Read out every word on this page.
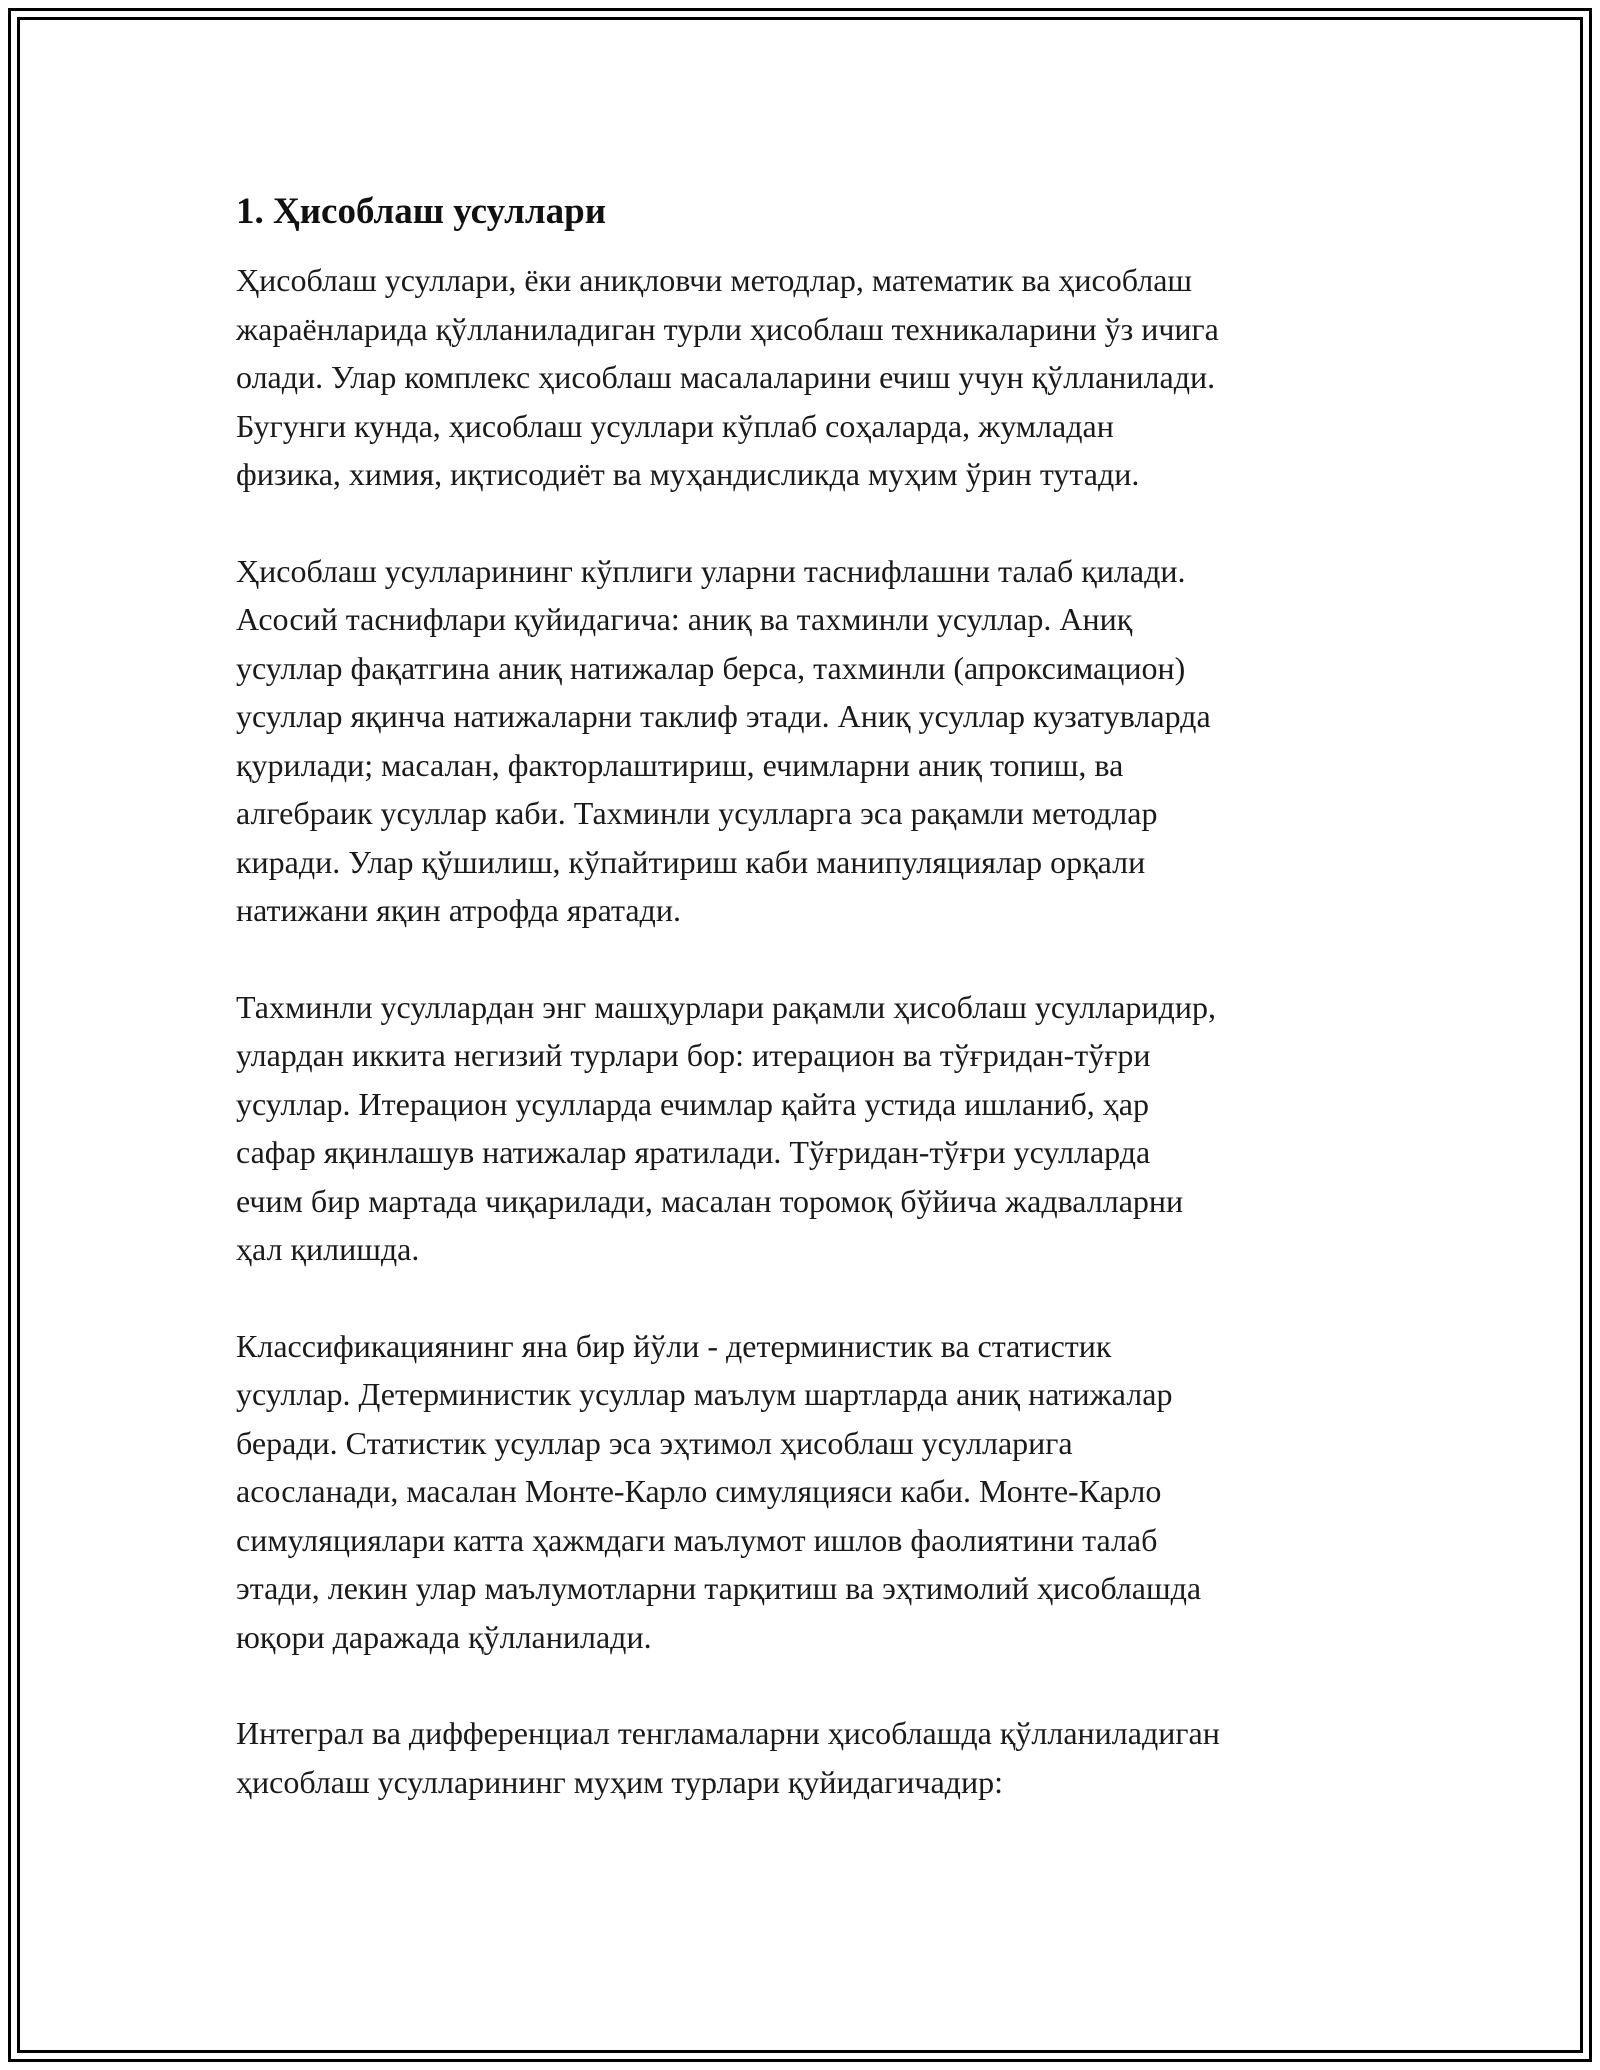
1. Ҳисоблаш усуллари

Ҳисоблаш усуллари, ёки аниқловчи методлар, математик ва ҳисоблаш
жараёнларида қўлланиладиган турли ҳисоблаш техникаларини ўз ичига
олади. Улар комплекс ҳисоблаш масалаларини ечиш учун қўлланилади.
Бугунги кунда, ҳисоблаш усуллари кўплаб соҳаларда, жумладан
физика, химия, иқтисодиёт ва муҳандисликда муҳим ўрин тутади.

Ҳисоблаш усулларининг кўплиги уларни таснифлашни талаб қилади.
Асосий таснифлари қуйидагича: аниқ ва тахминли усуллар. Аниқ
усуллар фақатгина аниқ натижалар берса, тахминли (апроксимацион)
усуллар яқинча натижаларни таклиф этади. Аниқ усуллар кузатувларда
қурилади; масалан, факторлаштириш, ечимларни аниқ топиш, ва
алгебраик усуллар каби. Тахминли усулларга эса рақамли методлар
киради. Улар қўшилиш, кўпайтириш каби манипуляциялар орқали
натижани яқин атрофда яратади.

Тахминли усуллардан энг машҳурлари рақамли ҳисоблаш усулларидир,
улардан иккита негизий турлари бор: итерацион ва тўғридан-тўғри
усуллар. Итерацион усулларда ечимлар қайта устида ишланиб, ҳар
сафар яқинлашув натижалар яратилади. Тўғридан-тўғри усулларда
ечим бир мартада чиқарилади, масалан торомоқ бўйича жадвалларни
ҳал қилишда.

Классификациянинг яна бир йўли - детерминистик ва статистик
усуллар. Детерминистик усуллар маълум шартларда аниқ натижалар
беради. Статистик усуллар эса эҳтимол ҳисоблаш усулларига
асосланади, масалан Монте-Карло симуляцияси каби. Монте-Карло
симуляциялари катта ҳажмдаги маълумот ишлов фаолиятини талаб
этади, лекин улар маълумотларни тарқитиш ва эҳтимолий ҳисоблашда
юқори даражада қўлланилади.

Интеграл ва дифференциал тенгламаларни ҳисоблашда қўлланиладиган
ҳисоблаш усулларининг муҳим турлари қуйидагичадир:
